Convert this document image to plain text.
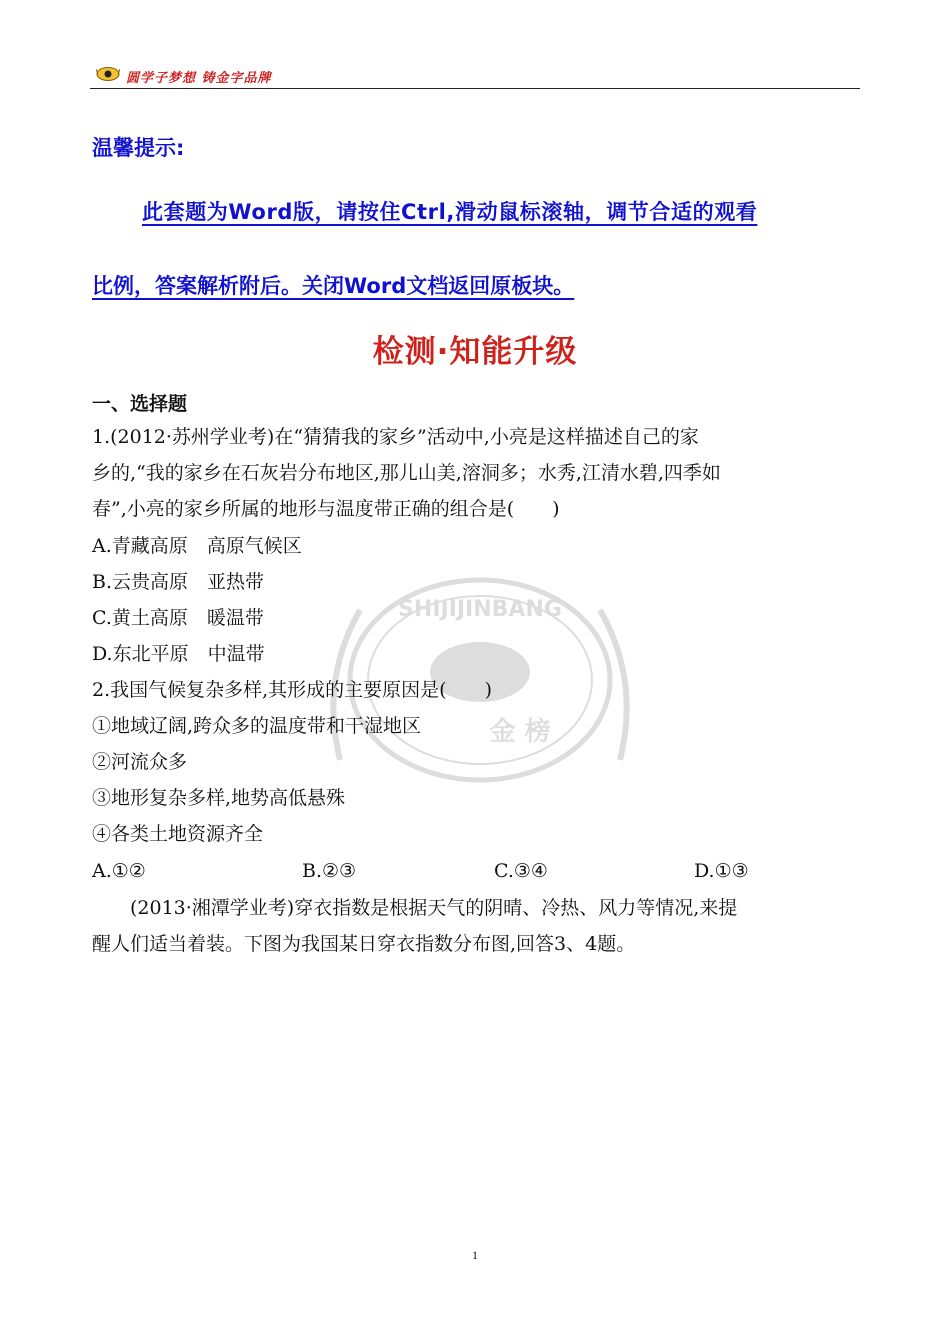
圆学子梦想 铸金字品牌
温馨提示:
此套题为Word版，请按住Ctrl,滑动鼠标滚轴，调节合适的观看
比例，答案解析附后。关闭Word文档返回原板块。
检测·知能升级
一、选择题
SHIJIJINBANG
金 榜
1.(2012·苏州学业考)在“猜猜我的家乡”活动中,小亮是这样描述自己的家
乡的,“我的家乡在石灰岩分布地区,那儿山美,溶洞多；水秀,江清水碧,四季如
春”,小亮的家乡所属的地形与温度带正确的组合是(　　)
A.青藏高原　高原气候区
B.云贵高原　亚热带
C.黄土高原　暖温带
D.东北平原　中温带
2.我国气候复杂多样,其形成的主要原因是(　　)
①地域辽阔,跨众多的温度带和干湿地区
②河流众多
③地形复杂多样,地势高低悬殊
④各类土地资源齐全
A.①②	B.②③	C.③④	D.①③
(2013·湘潭学业考)穿衣指数是根据天气的阴晴、冷热、风力等情况,来提
醒人们适当着装。下图为我国某日穿衣指数分布图,回答3、4题。
1
